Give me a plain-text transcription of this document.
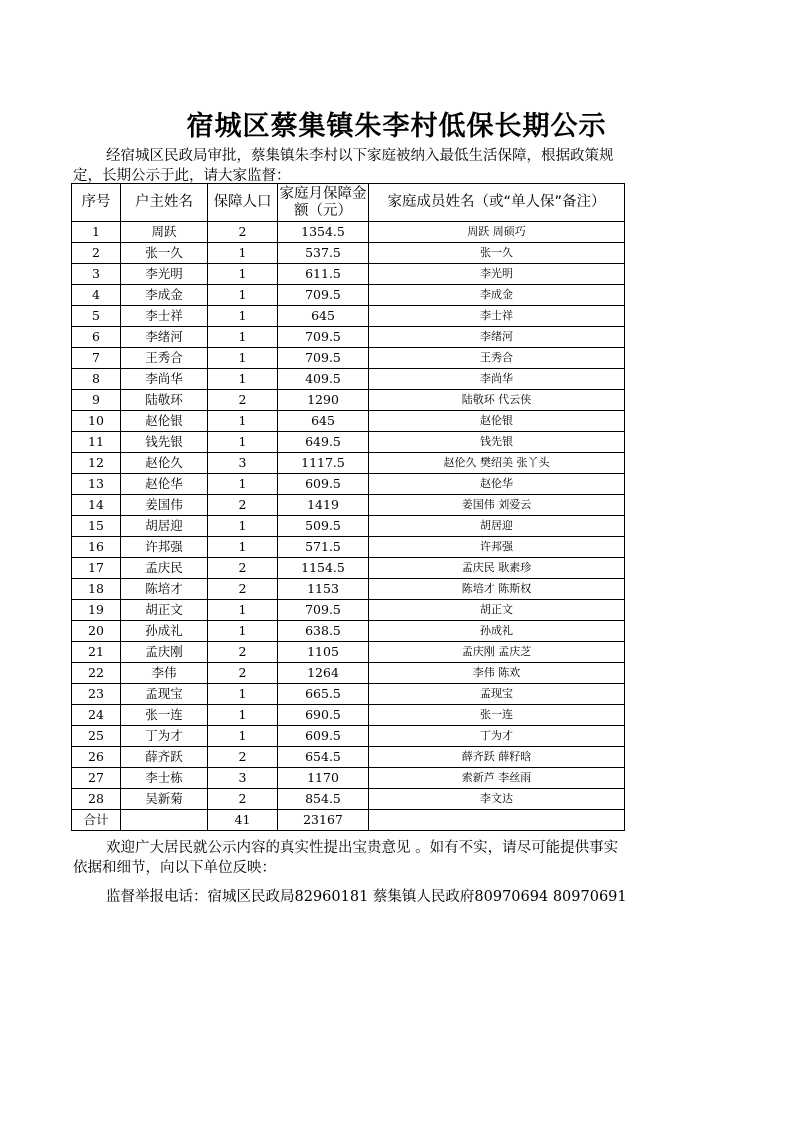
宿城区蔡集镇朱李村低保长期公示
经宿城区民政局审批，蔡集镇朱李村以下家庭被纳入最低生活保障，根据政策规定，长期公示于此，请大家监督：
序号	户主姓名	保障人口	家庭月保障金额（元）	家庭成员姓名（或“单人保”备注）
1	周跃	2	1354.5	周跃 周硕巧
2	张一久	1	537.5	张一久
3	李光明	1	611.5	李光明
4	李成金	1	709.5	李成金
5	李士祥	1	645	李士祥
6	李绪河	1	709.5	李绪河
7	王秀合	1	709.5	王秀合
8	李尚华	1	409.5	李尚华
9	陆敬环	2	1290	陆敬环 代云侠
10	赵伦银	1	645	赵伦银
11	钱先银	1	649.5	钱先银
12	赵伦久	3	1117.5	赵伦久 樊绍美 张丫头
13	赵伦华	1	609.5	赵伦华
14	姜国伟	2	1419	姜国伟 刘爱云
15	胡居迎	1	509.5	胡居迎
16	许邦强	1	571.5	许邦强
17	孟庆民	2	1154.5	孟庆民 耿素珍
18	陈培才	2	1153	陈培才 陈斯权
19	胡正文	1	709.5	胡正文
20	孙成礼	1	638.5	孙成礼
21	孟庆刚	2	1105	孟庆刚 孟庆芝
22	李伟	2	1264	李伟 陈欢
23	孟现宝	1	665.5	孟现宝
24	张一连	1	690.5	张一连
25	丁为才	1	609.5	丁为才
26	薛齐跃	2	654.5	薛齐跃 薛籽晗
27	李士栋	3	1170	索新芦 李丝雨
28	吴新菊	2	854.5	李文达
合计		41	23167	
欢迎广大居民就公示内容的真实性提出宝贵意见 。如有不实，请尽可能提供事实依据和细节，向以下单位反映：
监督举报电话：宿城区民政局82960181 蔡集镇人民政府80970694 80970691
